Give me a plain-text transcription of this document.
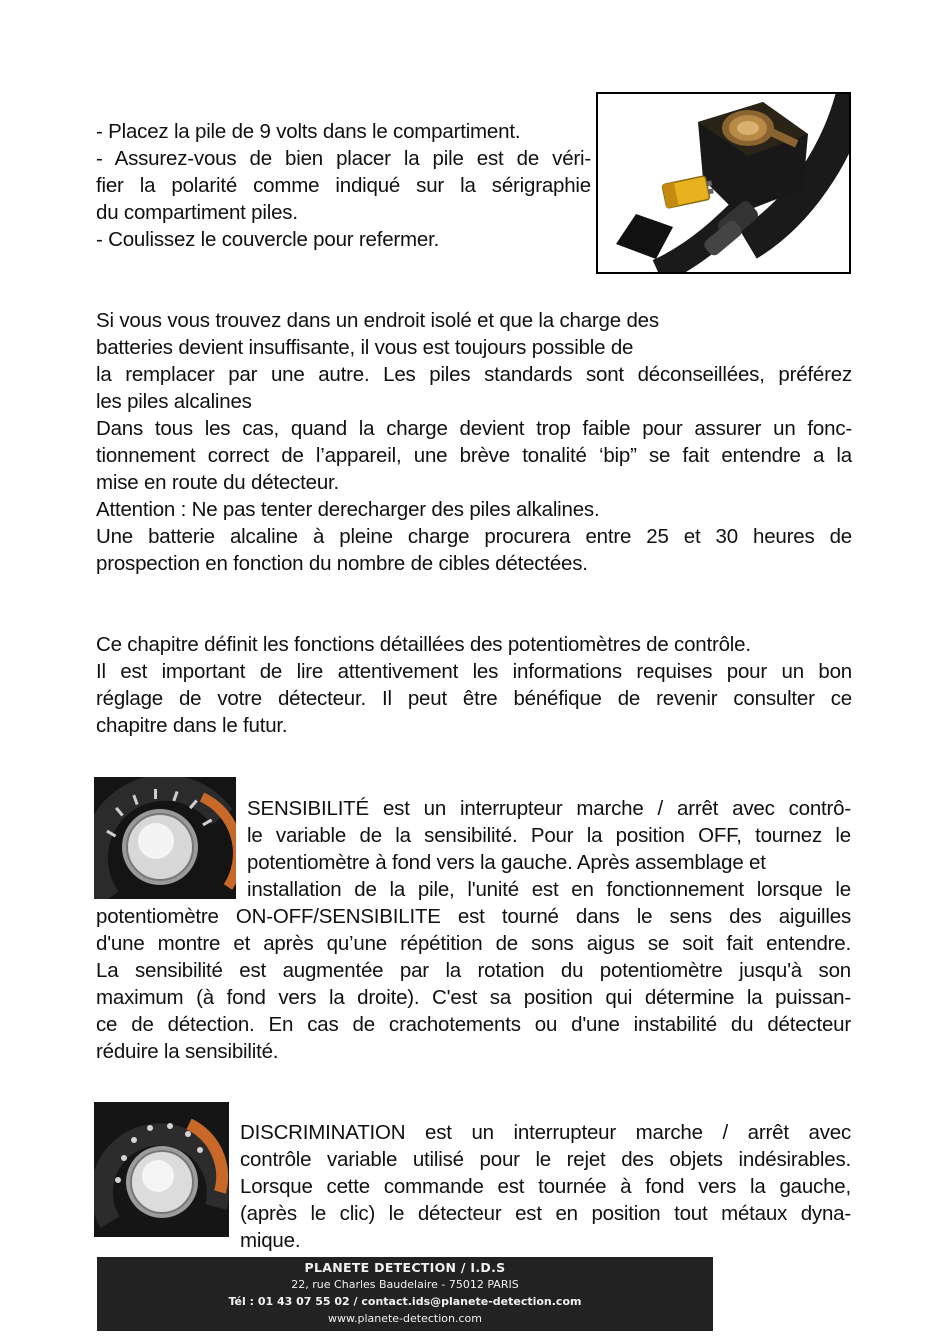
- Placez la pile de 9 volts dans le compartiment.
- Assurez-vous de bien placer la pile est de véri-
fier la polarité comme indiqué sur la sérigraphie
du compartiment piles.
- Coulissez le couvercle pour refermer.
Si vous vous trouvez dans un endroit isolé et que la charge des
batteries devient insuffisante, il vous est toujours possible de
la remplacer par une autre. Les piles standards sont déconseillées, préférez
les piles alcalines
Dans tous les cas, quand la charge devient trop faible pour assurer un fonc-
tionnement correct de l’appareil, une brève tonalité ‘bip” se fait entendre a la
mise en route du détecteur.
Attention : Ne pas tenter derecharger des piles alkalines.
Une batterie alcaline à pleine charge procurera entre 25 et 30 heures de
prospection en fonction du nombre de cibles détectées.
Ce chapitre définit les fonctions détaillées des potentiomètres de contrôle.
Il est important de lire attentivement les informations requises pour un bon
réglage de votre détecteur. Il peut être bénéfique de revenir consulter ce
chapitre dans le futur.
SENSIBILITÉ est un interrupteur marche / arrêt avec contrô-
le variable de la sensibilité. Pour la position OFF, tournez le
potentiomètre à fond vers la gauche. Après assemblage et
installation de la pile, l'unité est en fonctionnement lorsque le
potentiomètre ON-OFF/SENSIBILITE est tourné dans le sens des aiguilles
d'une montre et après qu’une répétition de sons aigus se soit fait entendre.
La sensibilité est augmentée par la rotation du potentiomètre jusqu'à son
maximum (à fond vers la droite). C'est sa position qui détermine la puissan-
ce de détection. En cas de crachotements ou d'une instabilité du détecteur
réduire la sensibilité.
DISCRIMINATION est un interrupteur marche / arrêt avec
contrôle variable utilisé pour le rejet des objets indésirables.
Lorsque cette commande est tournée à fond vers la gauche,
(après le clic) le détecteur est en position tout métaux dyna-
mique.
PLANETE DETECTION / I.D.S
22, rue Charles Baudelaire - 75012 PARIS
Tél : 01 43 07 55 02 / contact.ids@planete-detection.com
www.planete-detection.com
